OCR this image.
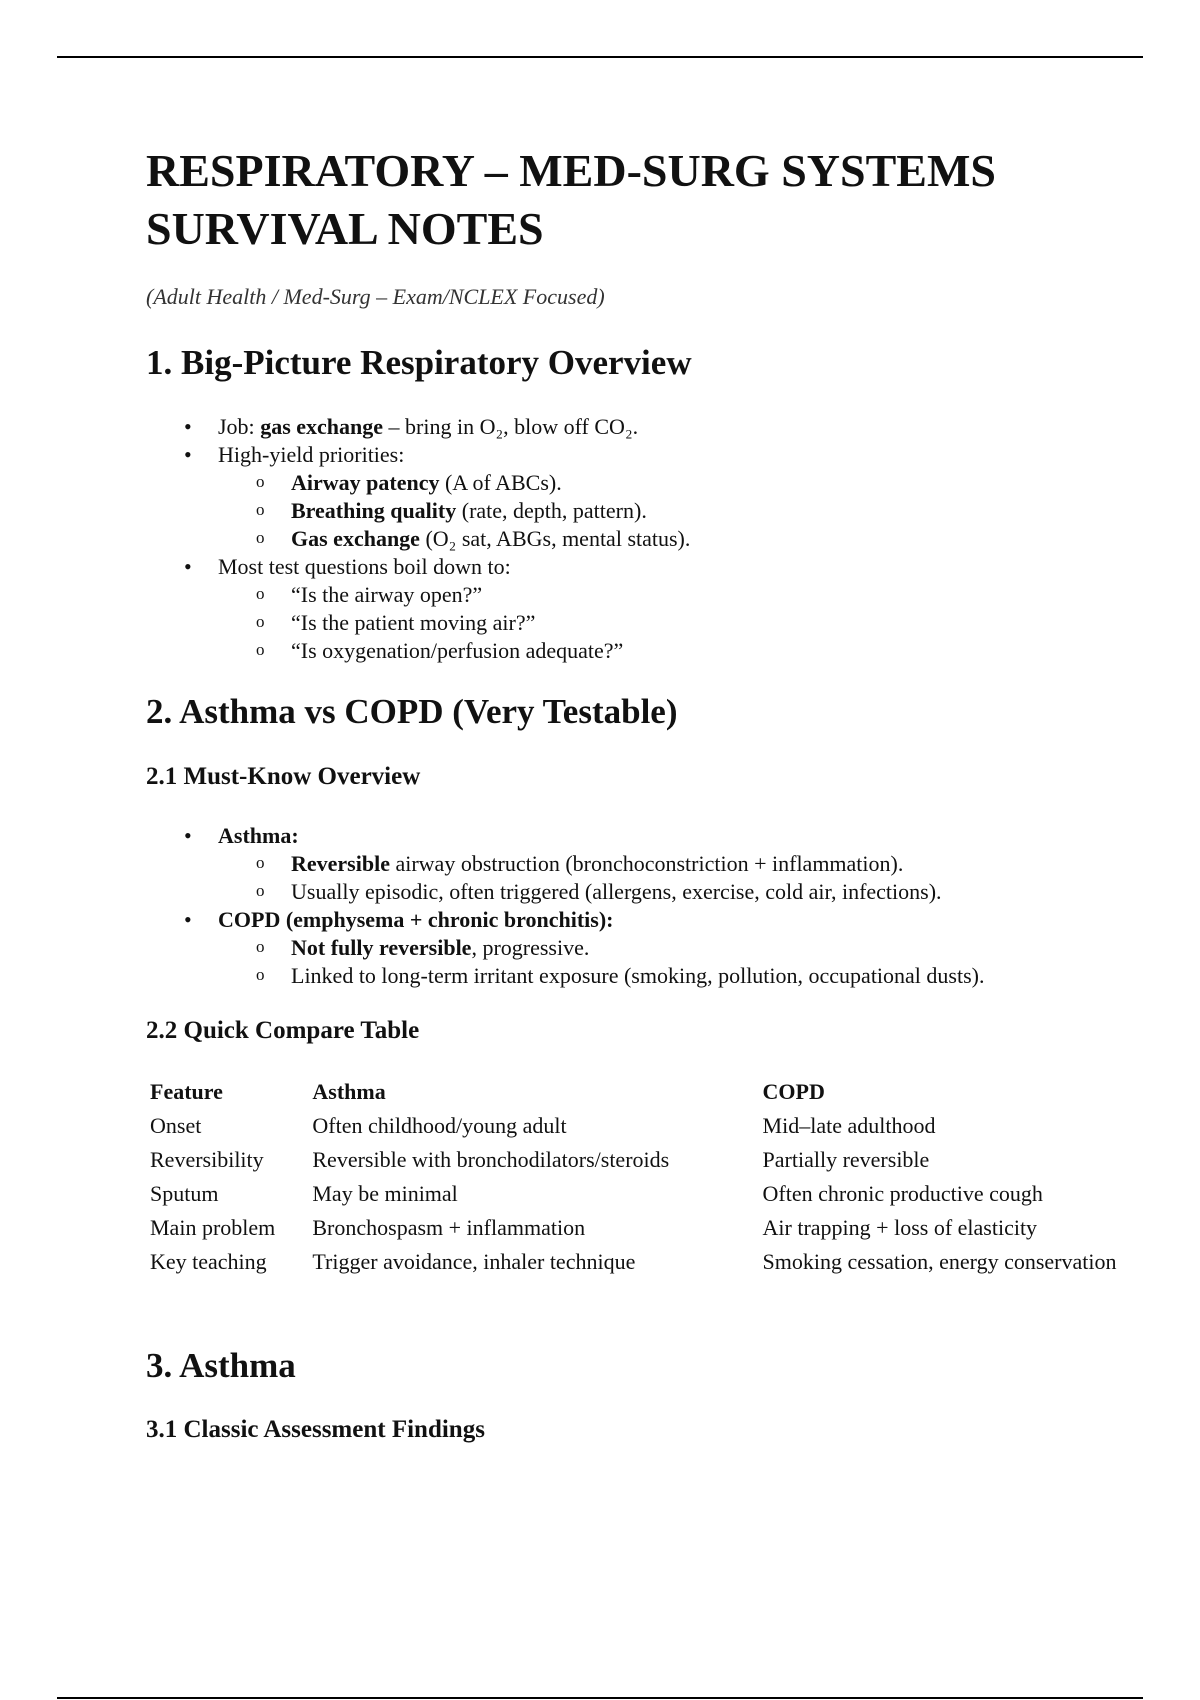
RESPIRATORY – MED-SURG SYSTEMS SURVIVAL NOTES

(Adult Health / Med-Surg – Exam/NCLEX Focused)

1. Big-Picture Respiratory Overview
• Job: gas exchange – bring in O₂, blow off CO₂.
• High-yield priorities:
o Airway patency (A of ABCs).
o Breathing quality (rate, depth, pattern).
o Gas exchange (O₂ sat, ABGs, mental status).
• Most test questions boil down to:
o “Is the airway open?”
o “Is the patient moving air?”
o “Is oxygenation/perfusion adequate?”
2. Asthma vs COPD (Very Testable)
2.1 Must-Know Overview
• Asthma:
o Reversible airway obstruction (bronchoconstriction + inflammation).
o Usually episodic, often triggered (allergens, exercise, cold air, infections).
• COPD (emphysema + chronic bronchitis):
o Not fully reversible, progressive.
o Linked to long-term irritant exposure (smoking, pollution, occupational dusts).
2.2 Quick Compare Table
Feature	Asthma	COPD
Onset	Often childhood/young adult	Mid–late adulthood
Reversibility	Reversible with bronchodilators/steroids	Partially reversible
Sputum	May be minimal	Often chronic productive cough
Main problem	Bronchospasm + inflammation	Air trapping + loss of elasticity
Key teaching	Trigger avoidance, inhaler technique	Smoking cessation, energy conservation
3. Asthma
3.1 Classic Assessment Findings
